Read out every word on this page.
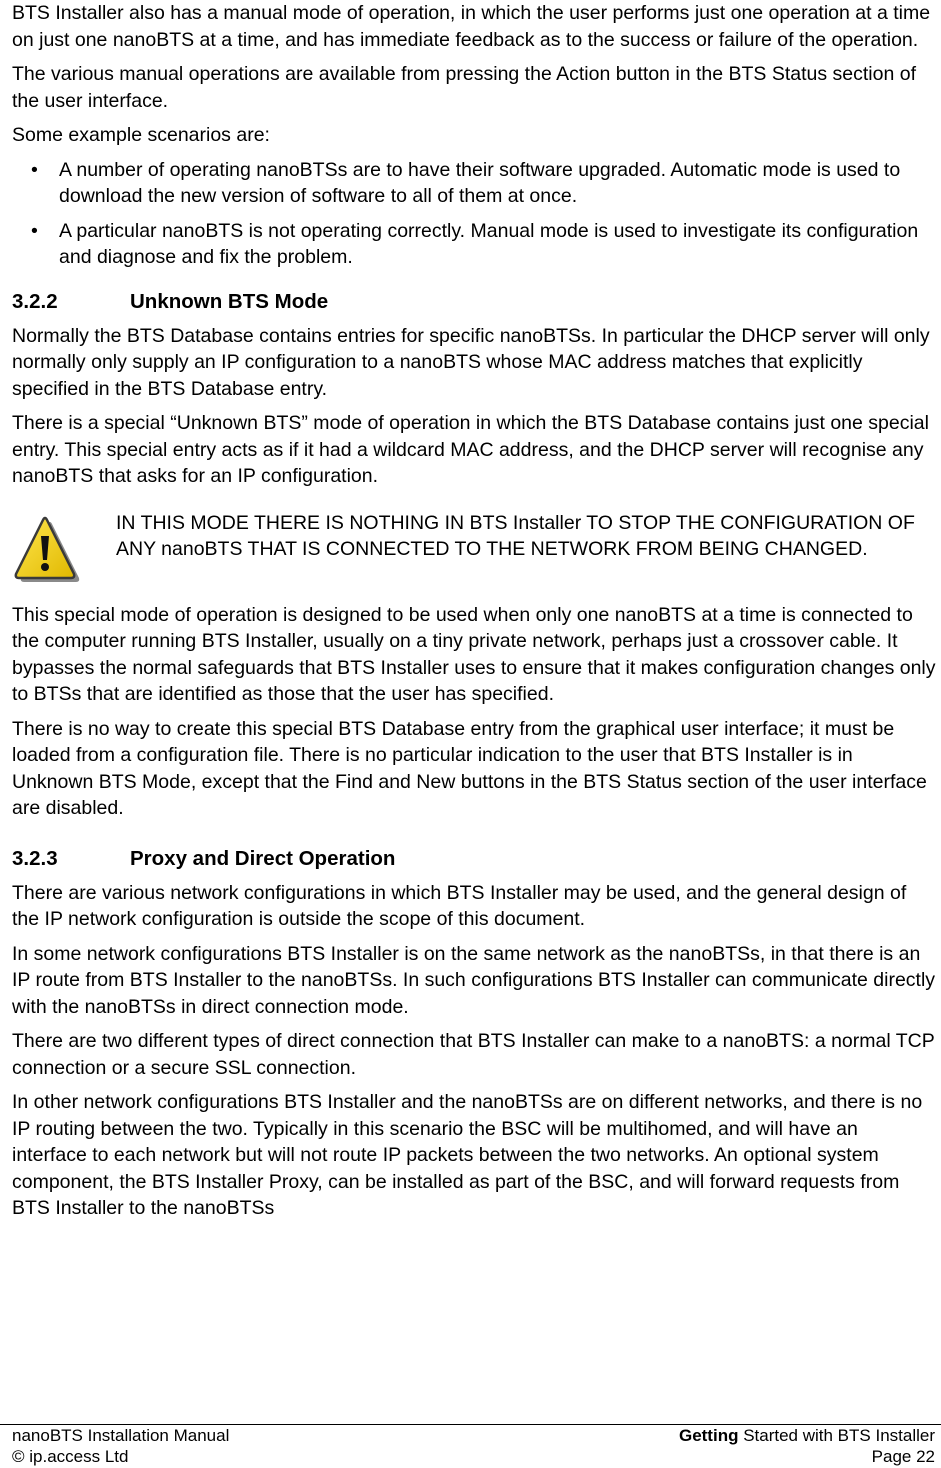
BTS Installer also has a manual mode of operation, in which the user performs just one operation at a time on just one nanoBTS at a time, and has immediate feedback as to the success or failure of the operation.

The various manual operations are available from pressing the Action button in the BTS Status section of the user interface.

Some example scenarios are:

• A number of operating nanoBTSs are to have their software upgraded. Automatic mode is used to download the new version of software to all of them at once.
• A particular nanoBTS is not operating correctly. Manual mode is used to investigate its configuration and diagnose and fix the problem.
3.2.2	Unknown BTS Mode

Normally the BTS Database contains entries for specific nanoBTSs. In particular the DHCP server will only normally only supply an IP configuration to a nanoBTS whose MAC address matches that explicitly specified in the BTS Database entry.

There is a special “Unknown BTS” mode of operation in which the BTS Database contains just one special entry. This special entry acts as if it had a wildcard MAC address, and the DHCP server will recognise any nanoBTS that asks for an IP configuration.

IN THIS MODE THERE IS NOTHING IN BTS Installer TO STOP THE CONFIGURATION OF ANY nanoBTS THAT IS CONNECTED TO THE NETWORK FROM BEING CHANGED.

This special mode of operation is designed to be used when only one nanoBTS at a time is connected to the computer running BTS Installer, usually on a tiny private network, perhaps just a crossover cable. It bypasses the normal safeguards that BTS Installer uses to ensure that it makes configuration changes only to BTSs that are identified as those that the user has specified.

There is no way to create this special BTS Database entry from the graphical user interface; it must be loaded from a configuration file. There is no particular indication to the user that BTS Installer is in Unknown BTS Mode, except that the Find and New buttons in the BTS Status section of the user interface are disabled.

3.2.3	Proxy and Direct Operation

There are various network configurations in which BTS Installer may be used, and the general design of the IP network configuration is outside the scope of this document.

In some network configurations BTS Installer is on the same network as the nanoBTSs, in that there is an IP route from BTS Installer to the nanoBTSs. In such configurations BTS Installer can communicate directly with the nanoBTSs in direct connection mode.

There are two different types of direct connection that BTS Installer can make to a nanoBTS: a normal TCP connection or a secure SSL connection.

In other network configurations BTS Installer and the nanoBTSs are on different networks, and there is no IP routing between the two. Typically in this scenario the BSC will be multihomed, and will have an interface to each network but will not route IP packets between the two networks. An optional system component, the BTS Installer Proxy, can be installed as part of the BSC, and will forward requests from BTS Installer to the nanoBTSs

nanoBTS Installation Manual	Getting Started with BTS Installer
© ip.access Ltd	Page 22
